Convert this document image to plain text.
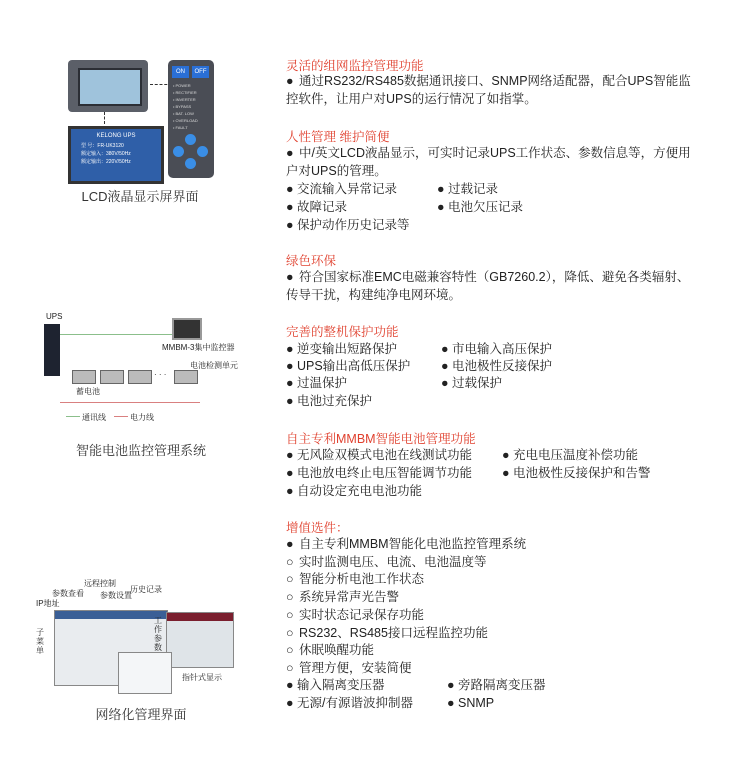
KELONG UPS
型 号：FR-UK3120
额定输入：380V/50Hz
额定输出：220V/50Hz
ON	OFF
• POWER
• RECTIFIER
• INVERTER
• BYPASS
• BAT. LOW
• OVERLOAD
• FAULT
LCD液晶显示屏界面
UPS
MMBM-3集中监控器
· · ·
电池检测单元
蓄电池
通讯线	电力线
智能电池监控管理系统
参数查看
远程控制
参数设置
历史记录
IP地址
子菜单
工作参数
指针式显示
网络化管理界面
灵活的组网监控管理功能
● 通过RS232/RS485数据通讯接口、SNMP网络适配器，配合UPS智能监
控软件，让用户对UPS的运行情况了如指掌。
人性管理 维护简便
● 中/英文LCD液晶显示，可实时记录UPS工作状态、参数信息等，方便用
户对UPS的管理。
● 交流输入异常记录	● 过载记录
● 故障记录	● 电池欠压记录
● 保护动作历史记录等
绿色环保
● 符合国家标准EMC电磁兼容特性（GB7260.2），降低、避免各类辐射、
传导干扰，构建纯净电网环境。
完善的整机保护功能
● 逆变输出短路保护	● 市电输入高压保护
● UPS输出高低压保护 ● 电池极性反接保护
● 过温保护	● 过载保护
● 电池过充保护
自主专利MMBM智能电池管理功能
● 无风险双模式电池在线测试功能 ● 充电电压温度补偿功能
● 电池放电终止电压智能调节功能 ● 电池极性反接保护和告警
● 自动设定充电电池功能
增值选件：
● 自主专利MMBM智能化电池监控管理系统
○ 实时监测电压、电流、电池温度等
○ 智能分析电池工作状态
○ 系统异常声光告警
○ 实时状态记录保存功能
○ RS232、RS485接口远程监控功能
○ 休眠唤醒功能
○ 管理方便，安装简便
● 输入隔离变压器	● 旁路隔离变压器
● 无源/有源谐波抑制器	● SNMP
